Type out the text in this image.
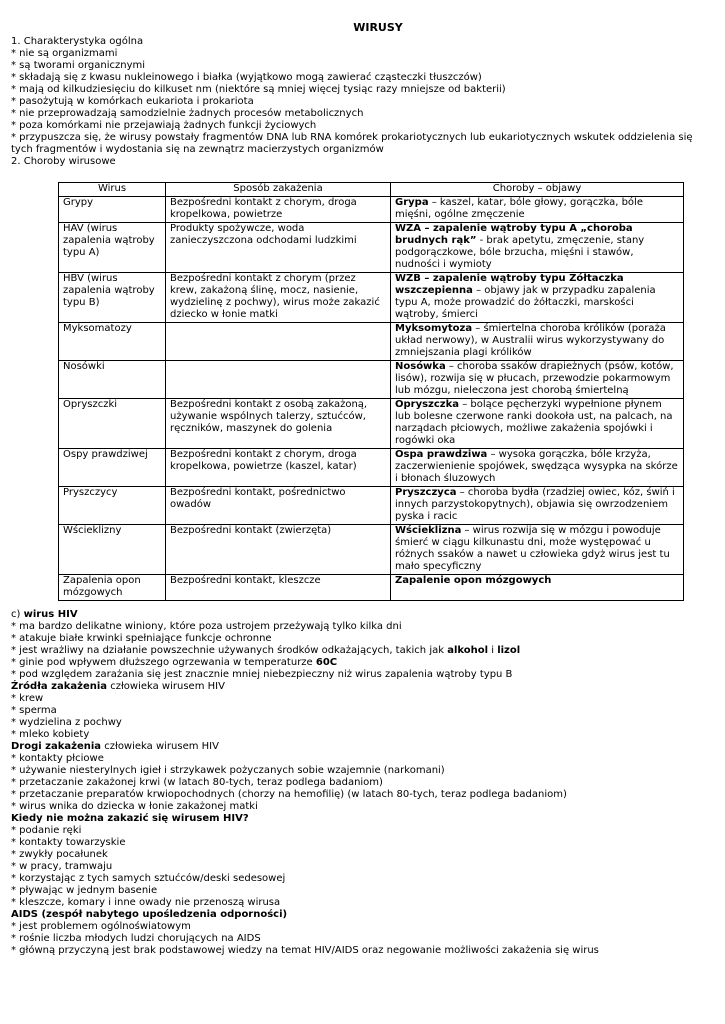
WIRUSY
1. Charakterystyka ogólna
* nie są organizmami
* są tworami organicznymi
* składają się z kwasu nukleinowego i białka (wyjątkowo mogą zawierać cząsteczki tłuszczów)
* mają od kilkudziesięciu do kilkuset nm (niektóre są mniej więcej tysiąc razy mniejsze od bakterii)
* pasożytują w komórkach eukariota i prokariota
* nie przeprowadzają samodzielnie żadnych procesów metabolicznych
* poza komórkami nie przejawiają żadnych funkcji życiowych
* przypuszcza się, że wirusy powstały fragmentów DNA lub RNA komórek prokariotycznych lub eukariotycznych wskutek oddzielenia się tych fragmentów i wydostania się na zewnątrz macierzystych organizmów
2. Choroby wirusowe
Wirus	Sposób zakażenia	Choroby – objawy
Grypy	Bezpośredni kontakt z chorym, droga kropelkowa, powietrze	Grypa – kaszel, katar, bóle głowy, gorączka, bóle mięśni, ogólne zmęczenie
HAV (wirus zapalenia wątroby typu A)	Produkty spożywcze, woda zanieczyszczona odchodami ludzkimi	WZA – zapalenie wątroby typu A „choroba brudnych rąk” - brak apetytu, zmęczenie, stany podgorączkowe, bóle brzucha, mięśni i stawów, nudności i wymioty
HBV (wirus zapalenia wątroby typu B)	Bezpośredni kontakt z chorym (przez krew, zakażoną ślinę, mocz, nasienie, wydzielinę z pochwy), wirus może zakazić dziecko w łonie matki	WZB – zapalenie wątroby typu Żółtaczka wszczepienna – objawy jak w przypadku zapalenia typu A, może prowadzić do żółtaczki, marskości wątroby, śmierci
Myksomatozy		Myksomytoza – śmiertelna choroba królików (poraża układ nerwowy), w Australii wirus wykorzystywany do zmniejszania plagi królików
Nosówki		Nosówka – choroba ssaków drapieżnych (psów, kotów, lisów), rozwija się w płucach, przewodzie pokarmowym lub mózgu, nieleczona jest chorobą śmiertelną
Opryszczki	Bezpośredni kontakt z osobą zakażoną, używanie wspólnych talerzy, sztućców, ręczników, maszynek do golenia	Opryszczka – bolące pęcherzyki wypełnione płynem lub bolesne czerwone ranki dookoła ust, na palcach, na narządach płciowych, możliwe zakażenia spojówki i rogówki oka
Ospy prawdziwej	Bezpośredni kontakt z chorym, droga kropelkowa, powietrze (kaszel, katar)	Ospa prawdziwa – wysoka gorączka, bóle krzyża, zaczerwienienie spojówek, swędząca wysypka na skórze i błonach śluzowych
Pryszczycy	Bezpośredni kontakt, pośrednictwo owadów	Pryszczyca – choroba bydła (rzadziej owiec, kóz, świń i innych parzystokopytnych), objawia się owrzodzeniem pyska i racic
Wścieklizny	Bezpośredni kontakt (zwierzęta)	Wścieklizna – wirus rozwija się w mózgu i powoduje śmierć w ciągu kilkunastu dni, może występować u różnych ssaków a nawet u człowieka gdyż wirus jest tu mało specyficzny
Zapalenia opon mózgowych	Bezpośredni kontakt, kleszcze	Zapalenie opon mózgowych
c) wirus HIV
* ma bardzo delikatne winiony, które poza ustrojem przeżywają tylko kilka dni
* atakuje białe krwinki spełniające funkcje ochronne
* jest wrażliwy na działanie powszechnie używanych środków odkażających, takich jak alkohol i lizol
* ginie pod wpływem dłuższego ogrzewania w temperaturze 60C
* pod względem zarażania się jest znacznie mniej niebezpieczny niż wirus zapalenia wątroby typu B
Źródła zakażenia człowieka wirusem HIV
* krew
* sperma
* wydzielina z pochwy
* mleko kobiety
Drogi zakażenia człowieka wirusem HIV
* kontakty płciowe
* używanie niesterylnych igieł i strzykawek pożyczanych sobie wzajemnie (narkomani)
* przetaczanie zakażonej krwi (w latach 80-tych, teraz podlega badaniom)
* przetaczanie preparatów krwiopochodnych (chorzy na hemofilię) (w latach 80-tych, teraz podlega badaniom)
* wirus wnika do dziecka w łonie zakażonej matki
Kiedy nie można zakazić się wirusem HIV?
* podanie ręki
* kontakty towarzyskie
* zwykły pocałunek
* w pracy, tramwaju
* korzystając z tych samych sztućców/deski sedesowej
* pływając w jednym basenie
* kleszcze, komary i inne owady nie przenoszą wirusa
AIDS (zespół nabytego upośledzenia odporności)
* jest problemem ogólnoświatowym
* rośnie liczba młodych ludzi chorujących na AIDS
* główną przyczyną jest brak podstawowej wiedzy na temat HIV/AIDS oraz negowanie możliwości zakażenia się wirus
